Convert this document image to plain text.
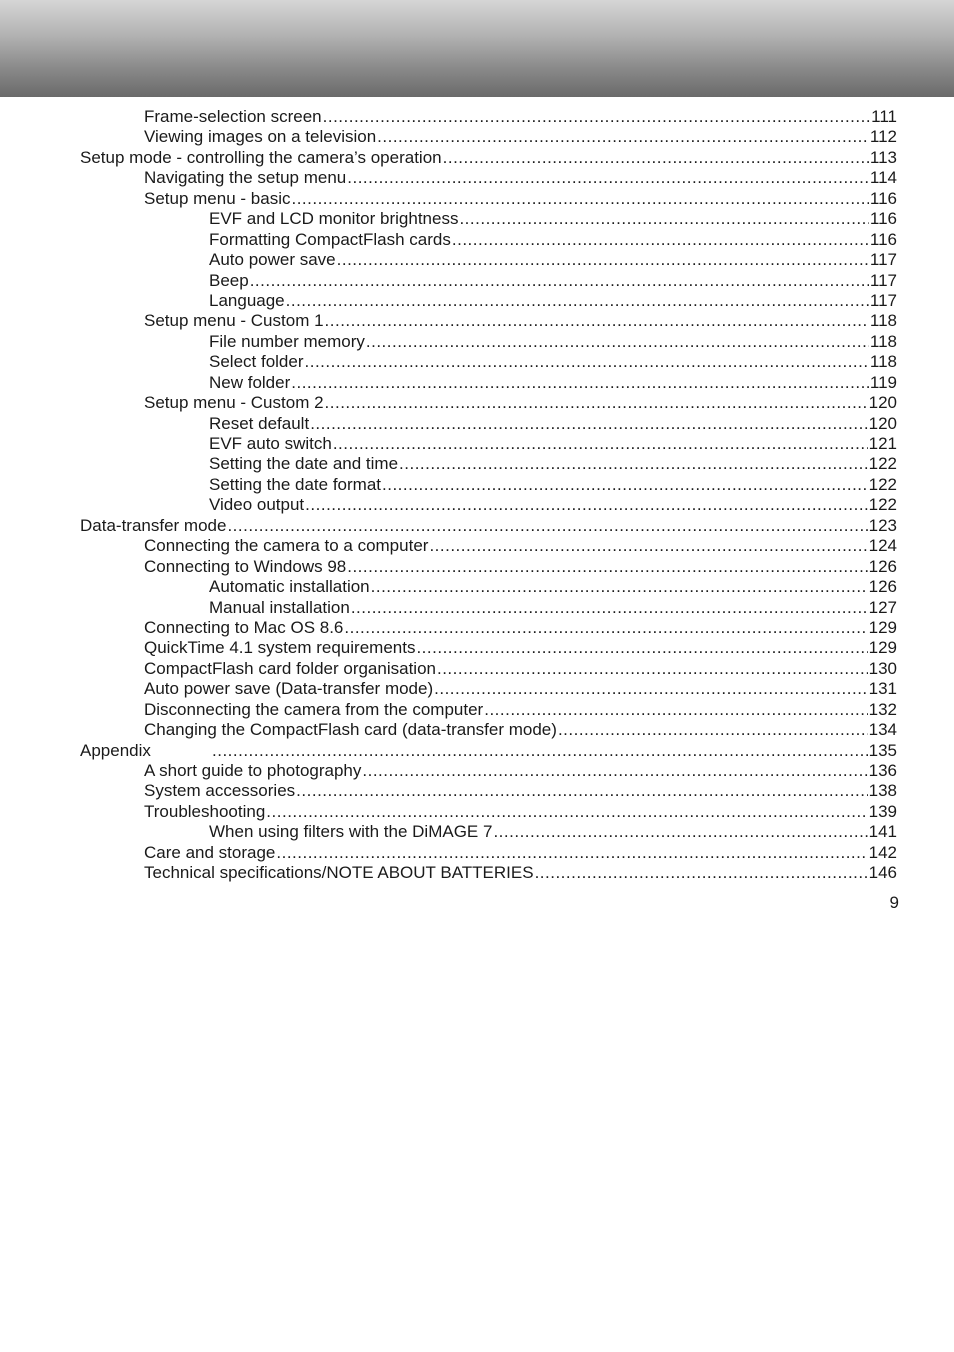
Frame-selection screen .....	111
Viewing images on a television .....	112
Setup mode - controlling the camera’s operation .....	113
Navigating the setup menu .....	114
Setup menu - basic .....	116
EVF and LCD monitor brightness .....	116
Formatting CompactFlash cards .....	116
Auto power save .....	117
Beep .....	117
Language .....	117
Setup menu - Custom 1 .....	118
File number memory .....	118
Select folder .....	118
New folder .....	119
Setup menu - Custom 2 .....	120
Reset default .....	120
EVF auto switch .....	121
Setting the date and time .....	122
Setting the date format .....	122
Video output .....	122
Data-transfer mode .....	123
Connecting the camera to a computer .....	124
Connecting to Windows 98 .....	126
Automatic installation .....	126
Manual installation .....	127
Connecting to Mac OS 8.6 .....	129
QuickTime 4.1 system requirements .....	129
CompactFlash card folder organisation .....	130
Auto power save (Data-transfer mode) .....	131
Disconnecting the camera from the computer .....	132
Changing the CompactFlash card (data-transfer mode) .....	134
Appendix .....	135
A short guide to photography .....	136
System accessories .....	138
Troubleshooting .....	139
When using filters with the DiMAGE 7 .....	141
Care and storage .....	142
Technical specifications/NOTE ABOUT BATTERIES .....	146
9
